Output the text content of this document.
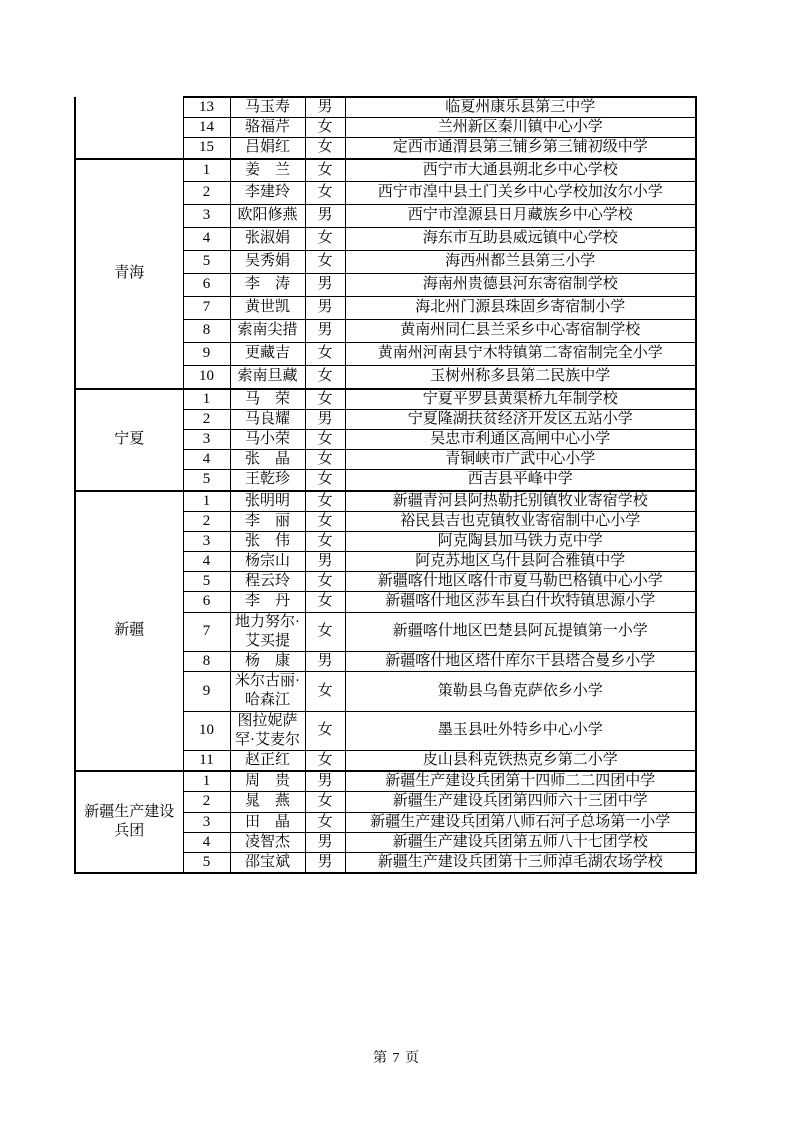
	13	马玉寿	男	临夏州康乐县第三中学
	14	骆福芹	女	兰州新区秦川镇中心小学
	15	吕娟红	女	定西市通渭县第三铺乡第三铺初级中学
青海	1	姜　兰	女	西宁市大通县朔北乡中心学校
	2	李建玲	女	西宁市湟中县土门关乡中心学校加汝尔小学
	3	欧阳修燕	男	西宁市湟源县日月藏族乡中心学校
	4	张淑娟	女	海东市互助县威远镇中心学校
	5	吴秀娟	女	海西州都兰县第三小学
	6	李　涛	男	海南州贵德县河东寄宿制学校
	7	黄世凯	男	海北州门源县珠固乡寄宿制小学
	8	索南尖措	男	黄南州同仁县兰采乡中心寄宿制学校
	9	更藏吉	女	黄南州河南县宁木特镇第二寄宿制完全小学
	10	索南旦藏	女	玉树州称多县第二民族中学
宁夏	1	马　荣	女	宁夏平罗县黄渠桥九年制学校
	2	马良耀	男	宁夏隆湖扶贫经济开发区五站小学
	3	马小荣	女	吴忠市利通区高闸中心小学
	4	张　晶	女	青铜峡市广武中心小学
	5	王乾珍	女	西吉县平峰中学
新疆	1	张明明	女	新疆青河县阿热勒托别镇牧业寄宿学校
	2	李　丽	女	裕民县吉也克镇牧业寄宿制中心小学
	3	张　伟	女	阿克陶县加马铁力克中学
	4	杨宗山	男	阿克苏地区乌什县阿合雅镇中学
	5	程云玲	女	新疆喀什地区喀什市夏马勒巴格镇中心小学
	6	李　丹	女	新疆喀什地区莎车县白什坎特镇思源小学
	7	地力努尔·艾买提	女	新疆喀什地区巴楚县阿瓦提镇第一小学
	8	杨　康	男	新疆喀什地区塔什库尔干县塔合曼乡小学
	9	米尔古丽·哈森江	女	策勒县乌鲁克萨依乡小学
	10	图拉妮萨罕·艾麦尔	女	墨玉县吐外特乡中心小学
	11	赵正红	女	皮山县科克铁热克乡第二小学
新疆生产建设兵团	1	周　贵	男	新疆生产建设兵团第十四师二二四团中学
	2	晁　燕	女	新疆生产建设兵团第四师六十三团中学
	3	田　晶	女	新疆生产建设兵团第八师石河子总场第一小学
	4	凌智杰	男	新疆生产建设兵团第五师八十七团学校
	5	邵宝斌	男	新疆生产建设兵团第十三师淖毛湖农场学校
第 7 页
